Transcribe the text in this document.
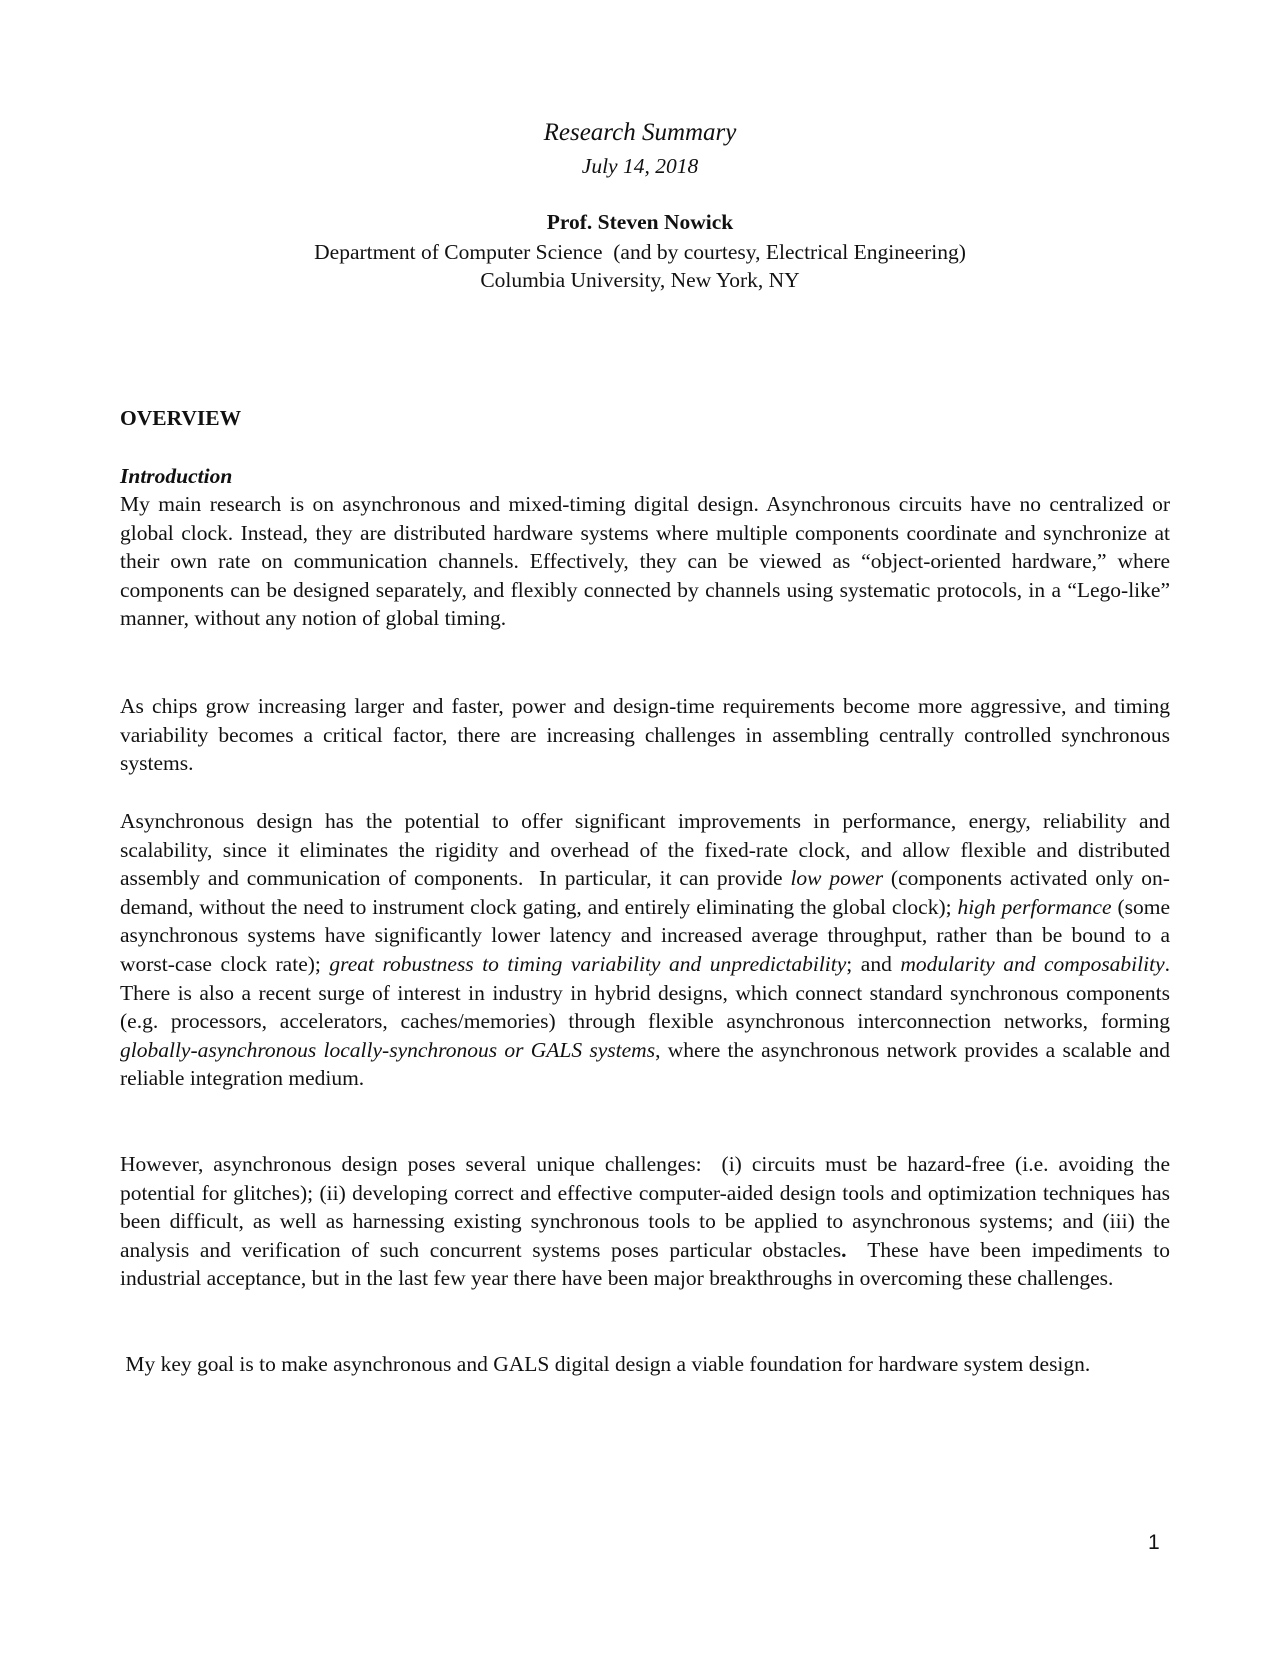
Research Summary
July 14, 2018
Prof. Steven Nowick
Department of Computer Science  (and by courtesy, Electrical Engineering)
Columbia University, New York, NY
OVERVIEW
Introduction

My main research is on asynchronous and mixed-timing digital design. Asynchronous circuits have no centralized or global clock. Instead, they are distributed hardware systems where multiple components coordinate and synchronize at their own rate on communication channels. Effectively, they can be viewed as “object-oriented hardware,” where components can be designed separately, and flexibly connected by channels using systematic protocols, in a “Lego-like” manner, without any notion of global timing.

As chips grow increasing larger and faster, power and design-time requirements become more aggressive, and timing variability becomes a critical factor, there are increasing challenges in assembling centrally controlled synchronous systems.

Asynchronous design has the potential to offer significant improvements in performance, energy, reliability and scalability, since it eliminates the rigidity and overhead of the fixed-rate clock, and allow flexible and distributed assembly and communication of components.  In particular, it can provide low power (components activated only on-demand, without the need to instrument clock gating, and entirely eliminating the global clock); high performance (some asynchronous systems have significantly lower latency and increased average throughput, rather than be bound to a worst-case clock rate); great robustness to timing variability and unpredictability; and modularity and composability.  There is also a recent surge of interest in industry in hybrid designs, which connect standard synchronous components (e.g. processors, accelerators, caches/memories) through flexible asynchronous interconnection networks, forming globally-asynchronous locally-synchronous or GALS systems, where the asynchronous network provides a scalable and reliable integration medium.

However, asynchronous design poses several unique challenges:  (i) circuits must be hazard-free (i.e. avoiding the potential for glitches); (ii) developing correct and effective computer-aided design tools and optimization techniques has been difficult, as well as harnessing existing synchronous tools to be applied to asynchronous systems; and (iii) the analysis and verification of such concurrent systems poses particular obstacles.  These have been impediments to industrial acceptance, but in the last few year there have been major breakthroughs in overcoming these challenges.

My key goal is to make asynchronous and GALS digital design a viable foundation for hardware system design.

1
